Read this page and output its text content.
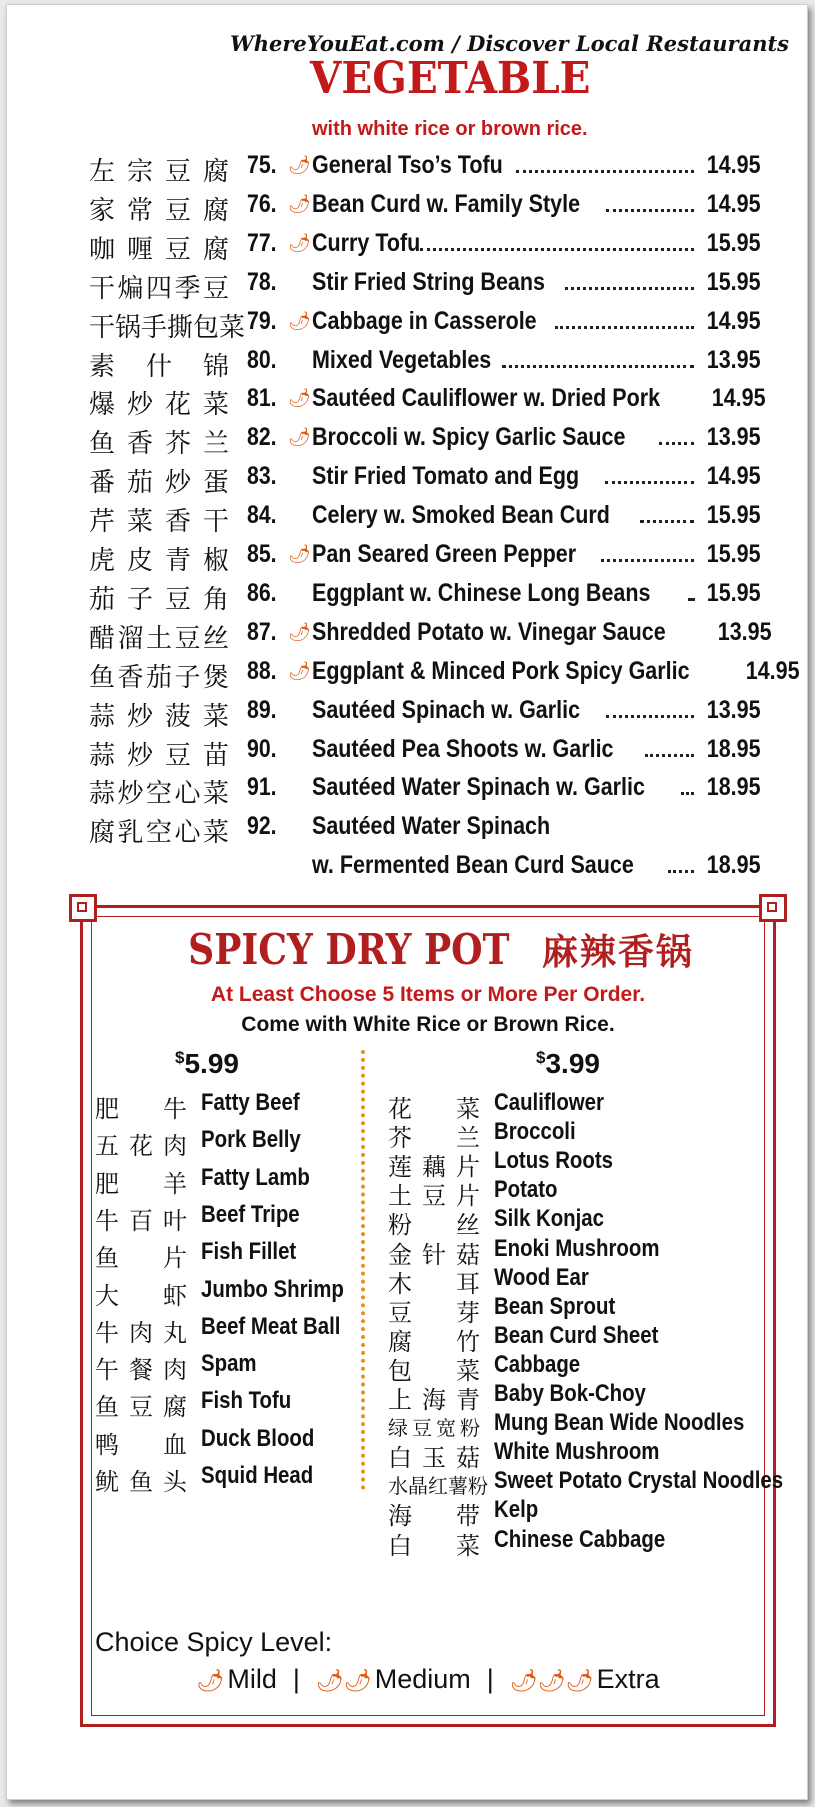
WhereYouEat.com / Discover Local Restaurants
VEGETABLE
with white rice or brown rice.
左宗豆腐 75. 🌶 General Tso’s Tofu	14.95
家常豆腐 76. 🌶 Bean Curd w. Family Style	14.95
咖喱豆腐 77. 🌶 Curry Tofu	15.95
干煸四季豆 78. Stir Fried String Beans	15.95
干锅手撕包菜 79. 🌶 Cabbage in Casserole	14.95
素什锦 80. Mixed Vegetables	13.95
爆炒花菜 81. 🌶 Sautéed Cauliflower w. Dried Pork 14.95
鱼香芥兰 82. 🌶 Broccoli w. Spicy Garlic Sauce	13.95
番茄炒蛋 83. Stir Fried Tomato and Egg	14.95
芹菜香干 84. Celery w. Smoked Bean Curd	15.95
虎皮青椒 85. 🌶 Pan Seared Green Pepper	15.95
茄子豆角 86. Eggplant w. Chinese Long Beans 15.95
醋溜土豆丝 87. 🌶 Shredded Potato w. Vinegar Sauce 13.95
鱼香茄子煲 88. 🌶 Eggplant & Minced Pork Spicy Garlic 14.95
蒜炒菠菜 89. Sautéed Spinach w. Garlic	13.95
蒜炒豆苗 90. Sautéed Pea Shoots w. Garlic	18.95
蒜炒空心菜 91. Sautéed Water Spinach w. Garlic 18.95
腐乳空心菜 92. Sautéed Water Spinach
w. Fermented Bean Curd Sauce	18.95
SPICY DRY POT 麻辣香锅
At Least Choose 5 Items or More Per Order.
Come with White Rice or Brown Rice.
$5.99	$3.99
肥牛 Fatty Beef
五花肉 Pork Belly
肥羊 Fatty Lamb
牛百叶 Beef Tripe
鱼片 Fish Fillet
大虾 Jumbo Shrimp
牛肉丸 Beef Meat Ball
午餐肉 Spam
鱼豆腐 Fish Tofu
鸭血 Duck Blood
鱿鱼头 Squid Head
花菜 Cauliflower
芥兰 Broccoli
莲藕片 Lotus Roots
土豆片 Potato
粉丝 Silk Konjac
金针菇 Enoki Mushroom
木耳 Wood Ear
豆芽 Bean Sprout
腐竹 Bean Curd Sheet
包菜 Cabbage
上海青 Baby Bok-Choy
绿豆宽粉 Mung Bean Wide Noodles
白玉菇 White Mushroom
水晶红薯粉 Sweet Potato Crystal Noodles
海带 Kelp
白菜 Chinese Cabbage
Choice Spicy Level:
🌶 Mild | 🌶🌶 Medium | 🌶🌶🌶 Extra
